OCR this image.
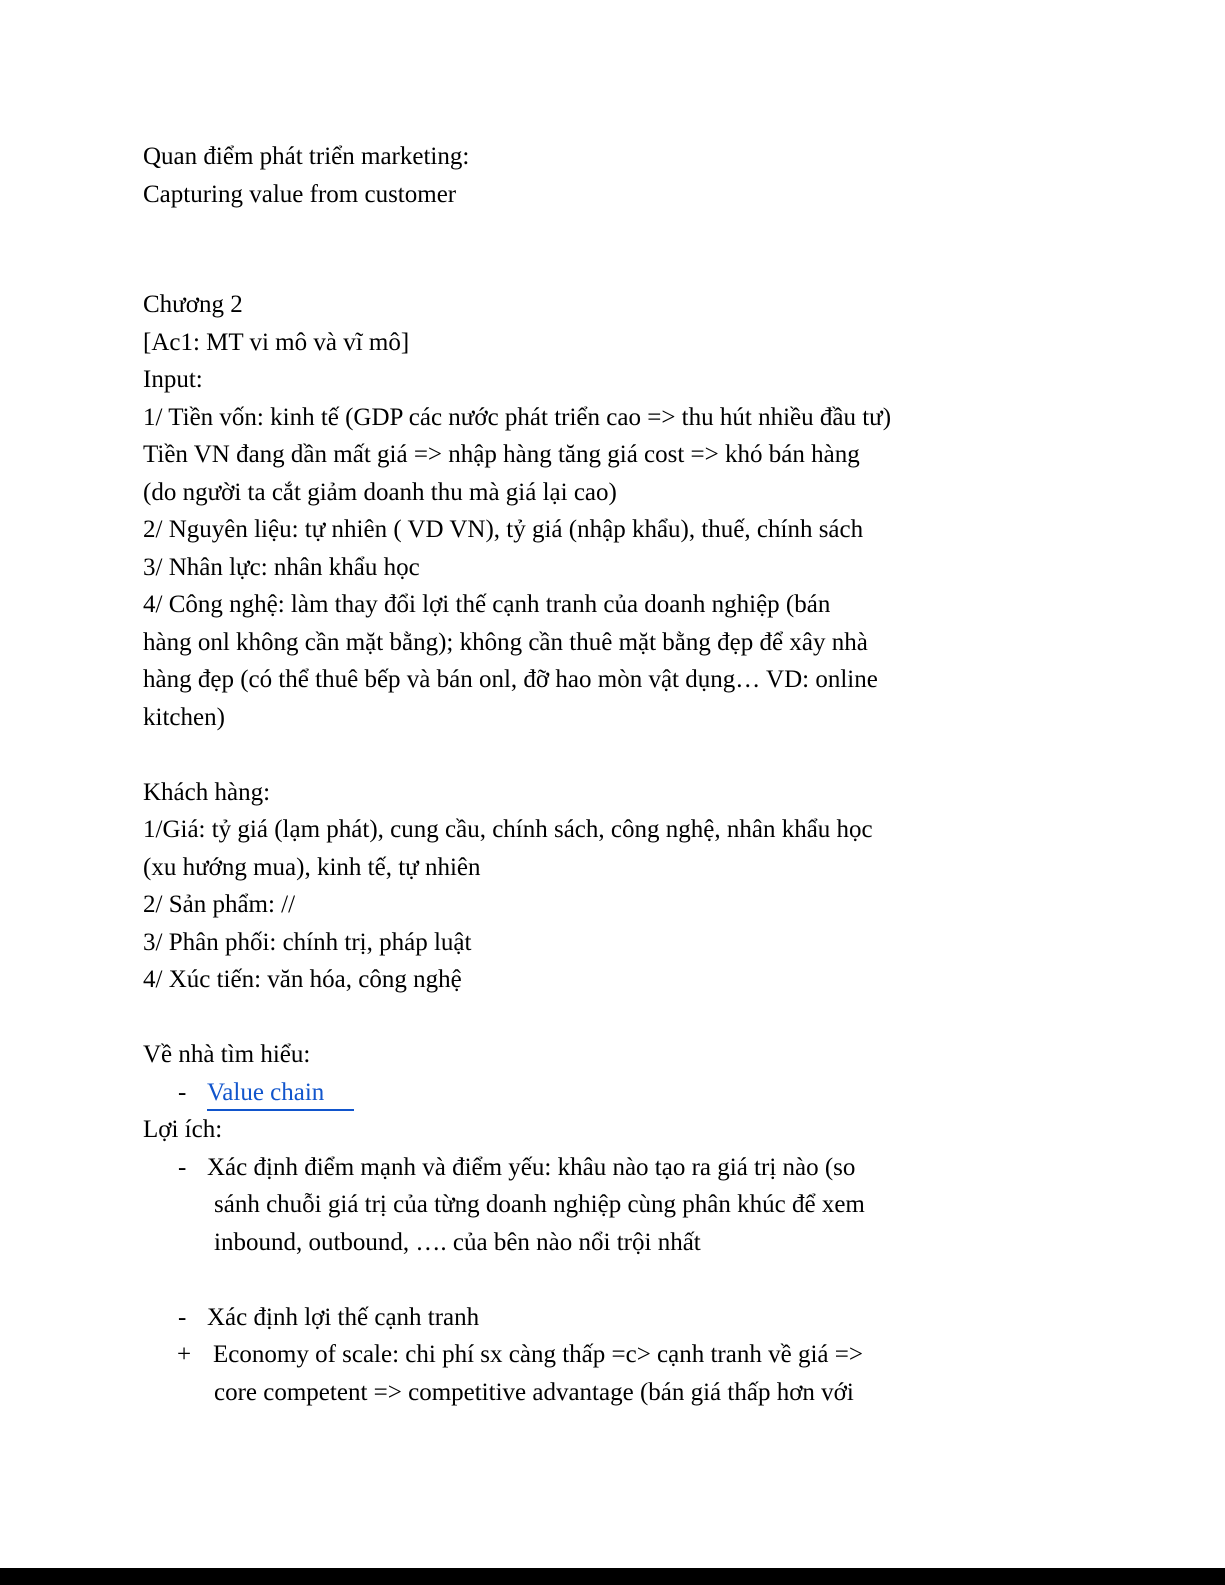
Quan điểm phát triển marketing:
Capturing value from customer
Chương 2
[Ac1: MT vi mô và vĩ mô]
Input:
1/ Tiền vốn: kinh tế (GDP các nước phát triển cao => thu hút nhiều đầu tư)
Tiền VN đang dần mất giá => nhập hàng tăng giá cost => khó bán hàng
(do người ta cắt giảm doanh thu mà giá lại cao)
2/ Nguyên liệu: tự nhiên ( VD VN), tỷ giá (nhập khẩu), thuế, chính sách
3/ Nhân lực: nhân khẩu học
4/ Công nghệ: làm thay đổi lợi thế cạnh tranh của doanh nghiệp (bán
hàng onl không cần mặt bằng); không cần thuê mặt bằng đẹp để xây nhà
hàng đẹp (có thể thuê bếp và bán onl, đỡ hao mòn vật dụng… VD: online
kitchen)
Khách hàng:
1/Giá: tỷ giá (lạm phát), cung cầu, chính sách, công nghệ, nhân khẩu học
(xu hướng mua), kinh tế, tự nhiên
2/ Sản phẩm: //
3/ Phân phối: chính trị, pháp luật
4/ Xúc tiến: văn hóa, công nghệ
Về nhà tìm hiểu:
- Value chain
Lợi ích:
- Xác định điểm mạnh và điểm yếu: khâu nào tạo ra giá trị nào (so
sánh chuỗi giá trị của từng doanh nghiệp cùng phân khúc để xem
inbound, outbound, …. của bên nào nổi trội nhất
- Xác định lợi thế cạnh tranh
+ Economy of scale: chi phí sx càng thấp =c> cạnh tranh về giá =>
core competent => competitive advantage (bán giá thấp hơn với
